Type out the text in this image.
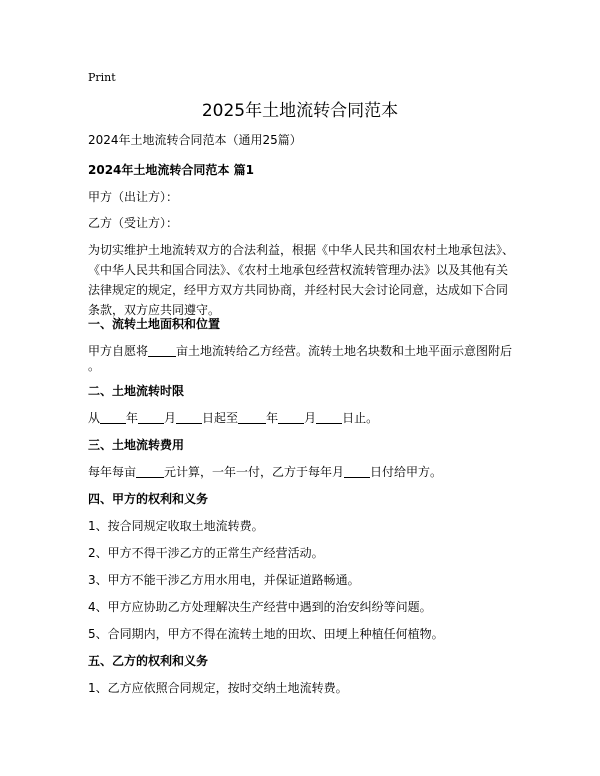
Print
2025年土地流转合同范本
2024年土地流转合同范本（通用25篇）
2024年土地流转合同范本 篇1
甲方（出让方）：
乙方（受让方）：
为切实维护土地流转双方的合法利益，根据《中华人民共和国农村土地承包法》、《中华人民共和国合同法》、《农村土地承包经营权流转管理办法》以及其他有关法律规定的规定，经甲方双方共同协商，并经村民大会讨论同意，达成如下合同条款，双方应共同遵守。
一、流转土地面积和位置
甲方自愿将 亩土地流转给乙方经营。流转土地名块数和土地平面示意图附后
。
二、土地流转时限
从 年 月 日起至 年 月 日止。
三、土地流转费用
每年每亩 元计算，一年一付，乙方于每年月 日付给甲方。
四、甲方的权利和义务
1、按合同规定收取土地流转费。
2、甲方不得干涉乙方的正常生产经营活动。
3、甲方不能干涉乙方用水用电，并保证道路畅通。
4、甲方应协助乙方处理解决生产经营中遇到的治安纠纷等问题。
5、合同期内，甲方不得在流转土地的田坎、田埂上种植任何植物。
五、乙方的权利和义务
1、乙方应依照合同规定，按时交纳土地流转费。
